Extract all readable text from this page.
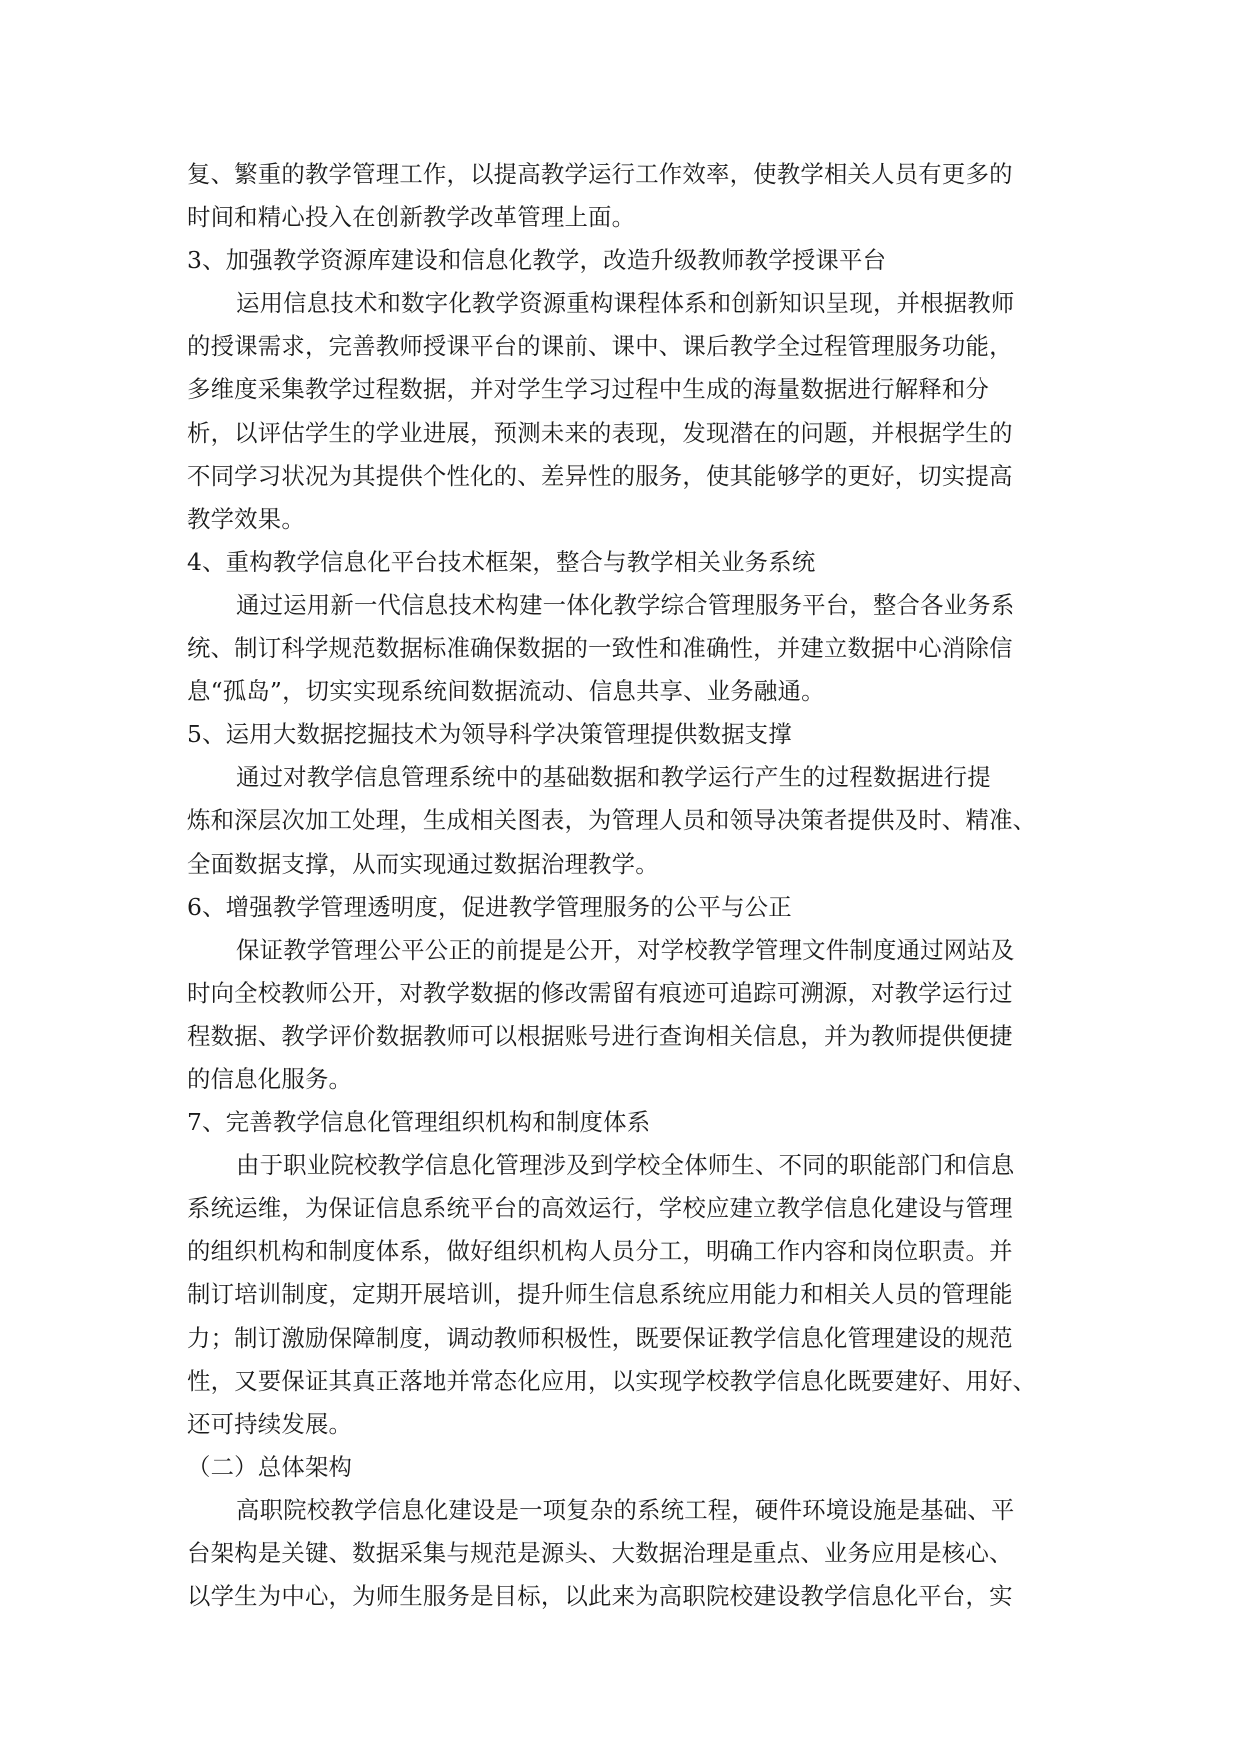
复、繁重的教学管理工作，以提高教学运行工作效率，使教学相关人员有更多的
时间和精心投入在创新教学改革管理上面。
3、加强教学资源库建设和信息化教学，改造升级教师教学授课平台
运用信息技术和数字化教学资源重构课程体系和创新知识呈现，并根据教师
的授课需求，完善教师授课平台的课前、课中、课后教学全过程管理服务功能，
多维度采集教学过程数据，并对学生学习过程中生成的海量数据进行解释和分
析，以评估学生的学业进展，预测未来的表现，发现潜在的问题，并根据学生的
不同学习状况为其提供个性化的、差异性的服务，使其能够学的更好，切实提高
教学效果。
4、重构教学信息化平台技术框架，整合与教学相关业务系统
通过运用新一代信息技术构建一体化教学综合管理服务平台，整合各业务系
统、制订科学规范数据标准确保数据的一致性和准确性，并建立数据中心消除信
息“孤岛”，切实实现系统间数据流动、信息共享、业务融通。
5、运用大数据挖掘技术为领导科学决策管理提供数据支撑
通过对教学信息管理系统中的基础数据和教学运行产生的过程数据进行提
炼和深层次加工处理，生成相关图表，为管理人员和领导决策者提供及时、精准、
全面数据支撑，从而实现通过数据治理教学。
6、增强教学管理透明度，促进教学管理服务的公平与公正
保证教学管理公平公正的前提是公开，对学校教学管理文件制度通过网站及
时向全校教师公开，对教学数据的修改需留有痕迹可追踪可溯源，对教学运行过
程数据、教学评价数据教师可以根据账号进行查询相关信息，并为教师提供便捷
的信息化服务。
7、完善教学信息化管理组织机构和制度体系
由于职业院校教学信息化管理涉及到学校全体师生、不同的职能部门和信息
系统运维，为保证信息系统平台的高效运行，学校应建立教学信息化建设与管理
的组织机构和制度体系，做好组织机构人员分工，明确工作内容和岗位职责。并
制订培训制度，定期开展培训，提升师生信息系统应用能力和相关人员的管理能
力；制订激励保障制度，调动教师积极性，既要保证教学信息化管理建设的规范
性，又要保证其真正落地并常态化应用，以实现学校教学信息化既要建好、用好、
还可持续发展。
（二）总体架构
高职院校教学信息化建设是一项复杂的系统工程，硬件环境设施是基础、平
台架构是关键、数据采集与规范是源头、大数据治理是重点、业务应用是核心、
以学生为中心，为师生服务是目标，以此来为高职院校建设教学信息化平台，实
